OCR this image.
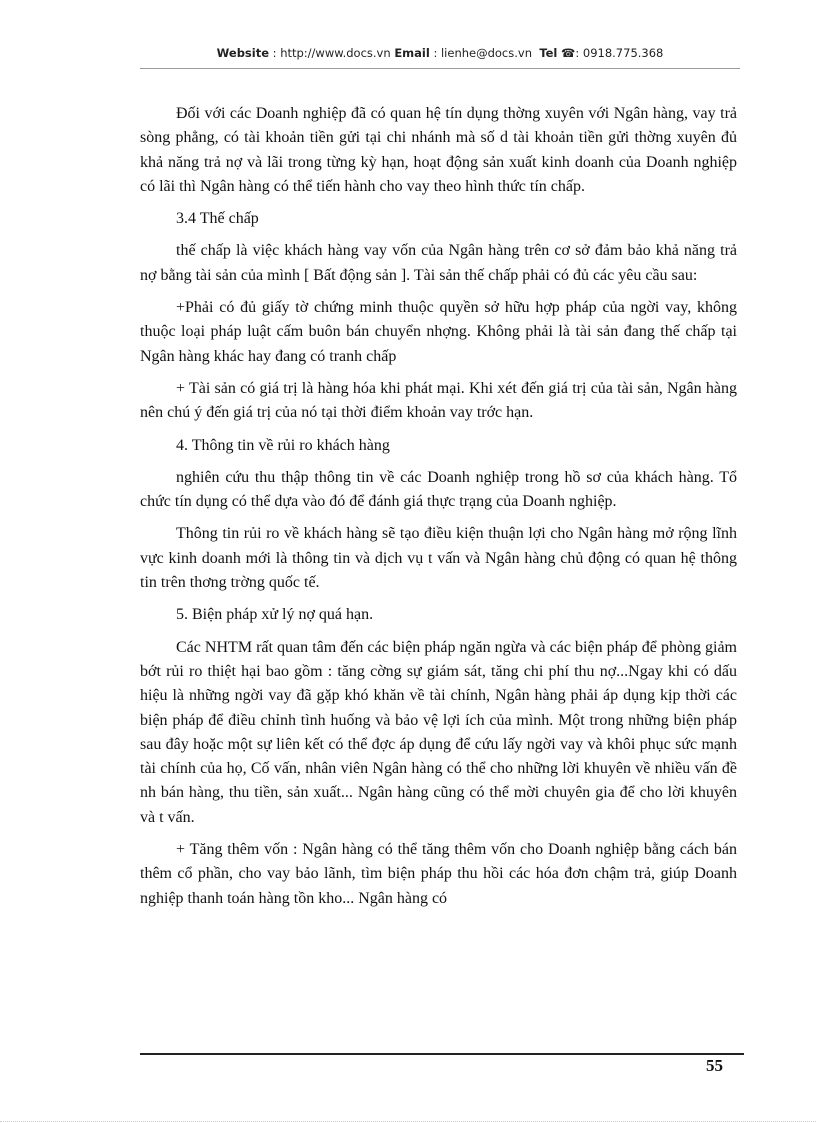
Website : http://www.docs.vn Email : lienhe@docs.vn  Tel ☎: 0918.775.368

Đối với các Doanh nghiệp đã có quan hệ tín dụng thờng xuyên với Ngân hàng, vay trả sòng phẳng, có tài khoản tiền gửi tại chi nhánh mà số d tài khoản tiền gửi thờng xuyên đủ khả năng trả nợ và lãi trong từng kỳ hạn, hoạt động sản xuất kinh doanh của Doanh nghiệp có lãi thì Ngân hàng có thể tiến hành cho vay theo hình thức tín chấp.

3.4 Thế chấp

thế chấp là việc khách hàng vay vốn của Ngân hàng trên cơ sở đảm bảo khả năng trả nợ bằng tài sản của mình [ Bất động sản ]. Tài sản thế chấp phải có đủ các yêu cầu sau:

+Phải có đủ giấy tờ chứng minh thuộc quyền sở hữu hợp pháp của ngời vay, không thuộc loại pháp luật cấm buôn bán chuyển nhợng. Không phải là tài sản đang thế chấp tại Ngân hàng khác hay đang có tranh chấp

+ Tài sản có giá trị là hàng hóa khi phát mại. Khi xét đến giá trị của tài sản, Ngân hàng nên chú ý đến giá trị của nó tại thời điểm khoản vay trớc hạn.

4. Thông tin về rủi ro khách hàng

nghiên cứu thu thập thông tin về các Doanh nghiệp trong hồ sơ của khách hàng. Tổ chức tín dụng có thể dựa vào đó để đánh giá thực trạng của Doanh nghiệp.

Thông tin rủi ro về khách hàng sẽ tạo điều kiện thuận lợi cho Ngân hàng mở rộng lĩnh vực kinh doanh mới là thông tin và dịch vụ t vấn và Ngân hàng chủ động có quan hệ thông tin trên thơng trờng quốc tế.

5. Biện pháp xử lý nợ quá hạn.

Các NHTM rất quan tâm đến các biện pháp ngăn ngừa và các biện pháp để phòng giảm bớt rủi ro thiệt hại bao gồm : tăng cờng sự giám sát, tăng chi phí thu nợ...Ngay khi có dấu hiệu là những ngời vay đã gặp khó khăn về tài chính, Ngân hàng phải áp dụng kịp thời các biện pháp để điều chỉnh tình huống và bảo vệ lợi ích của mình. Một trong những biện pháp sau đây hoặc một sự liên kết có thể đợc áp dụng để cứu lấy ngời vay và khôi phục sức mạnh tài chính của họ, Cố vấn, nhân viên Ngân hàng có thể cho những lời khuyên về nhiều vấn đề nh bán hàng, thu tiền, sản xuất... Ngân hàng cũng có thể mời chuyên gia để cho lời khuyên và t vấn.

+ Tăng thêm vốn : Ngân hàng có thể tăng thêm vốn cho Doanh nghiệp bằng cách bán thêm cổ phần, cho vay bảo lãnh, tìm biện pháp thu hồi các hóa đơn chậm trả, giúp Doanh nghiệp thanh toán hàng tồn kho... Ngân hàng có

55
